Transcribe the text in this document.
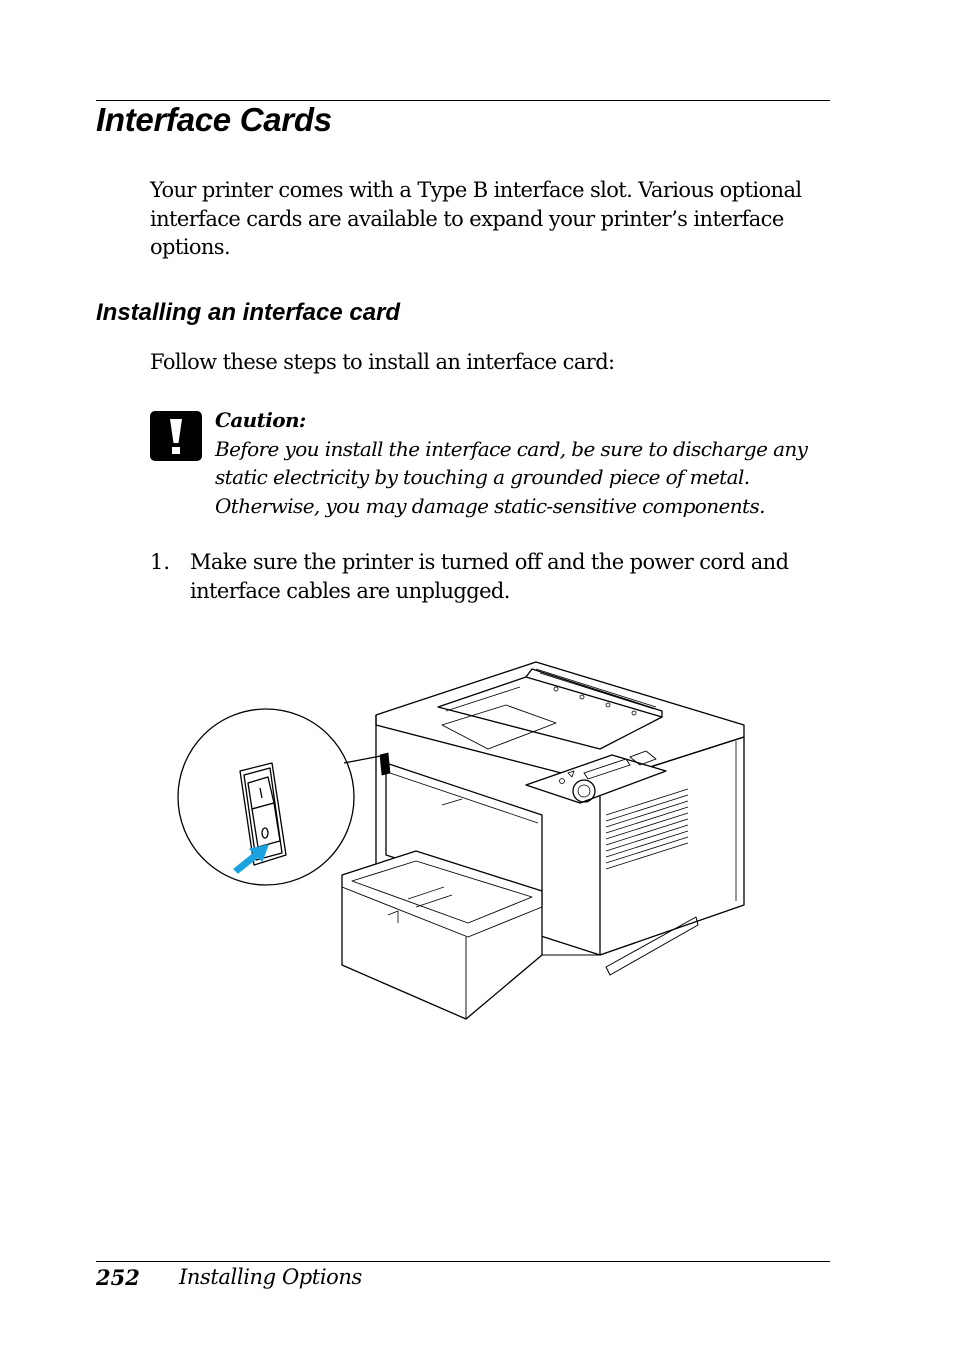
Interface Cards
Your printer comes with a Type B interface slot. Various optional interface cards are available to expand your printer’s interface options.
Installing an interface card
Follow these steps to install an interface card:
Caution:
Before you install the interface card, be sure to discharge any static electricity by touching a grounded piece of metal. Otherwise, you may damage static-sensitive components.
1. Make sure the printer is turned off and the power cord and interface cables are unplugged.
252 Installing Options
